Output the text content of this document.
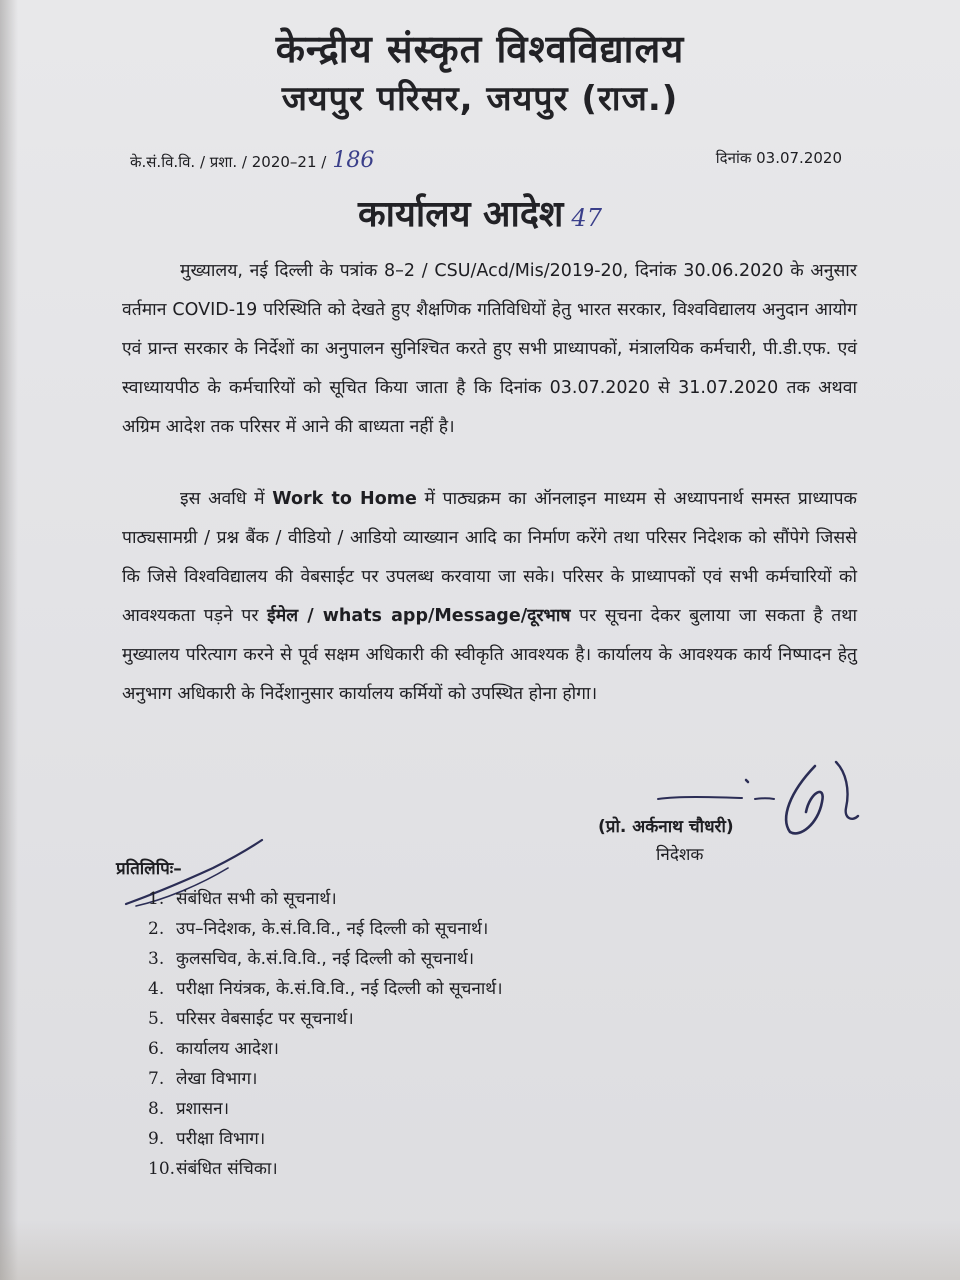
केन्द्रीय संस्कृत विश्वविद्यालय
जयपुर परिसर, जयपुर (राज.)
के.सं.वि.वि. / प्रशा. / 2020–21 / 186	दिनांक 03.07.2020
कार्यालय आदेश 47
मुख्यालय, नई दिल्ली के पत्रांक 8–2 / CSU/Acd/Mis/2019-20, दिनांक 30.06.2020 के अनुसार वर्तमान COVID-19 परिस्थिति को देखते हुए शैक्षणिक गतिविधियों हेतु भारत सरकार, विश्वविद्यालय अनुदान आयोग एवं प्रान्त सरकार के निर्देशों का अनुपालन सुनिश्चित करते हुए सभी प्राध्यापकों, मंत्रालयिक कर्मचारी, पी.डी.एफ. एवं स्वाध्यायपीठ के कर्मचारियों को सूचित किया जाता है कि दिनांक 03.07.2020 से 31.07.2020 तक अथवा अग्रिम आदेश तक परिसर में आने की बाध्यता नहीं है।
इस अवधि में Work to Home में पाठ्यक्रम का ऑनलाइन माध्यम से अध्यापनार्थ समस्त प्राध्यापक पाठ्यसामग्री / प्रश्न बैंक / वीडियो / आडियो व्याख्यान आदि का निर्माण करेंगे तथा परिसर निदेशक को सौंपेगे जिससे कि जिसे विश्वविद्यालय की वेबसाईट पर उपलब्ध करवाया जा सके। परिसर के प्राध्यापकों एवं सभी कर्मचारियों को आवश्यकता पड़ने पर ईमेल / whats app/Message/दूरभाष पर सूचना देकर बुलाया जा सकता है तथा मुख्यालय परित्याग करने से पूर्व सक्षम अधिकारी की स्वीकृति आवश्यक है। कार्यालय के आवश्यक कार्य निष्पादन हेतु अनुभाग अधिकारी के निर्देशानुसार कार्यालय कर्मियों को उपस्थित होना होगा।
(प्रो. अर्कनाथ चौधरी)
निदेशक
प्रतिलिपिः–
1. संबंधित सभी को सूचनार्थ।
2. उप–निदेशक, के.सं.वि.वि., नई दिल्ली को सूचनार्थ।
3. कुलसचिव, के.सं.वि.वि., नई दिल्ली को सूचनार्थ।
4. परीक्षा नियंत्रक, के.सं.वि.वि., नई दिल्ली को सूचनार्थ।
5. परिसर वेबसाईट पर सूचनार्थ।
6. कार्यालय आदेश।
7. लेखा विभाग।
8. प्रशासन।
9. परीक्षा विभाग।
10.संबंधित संचिका।
